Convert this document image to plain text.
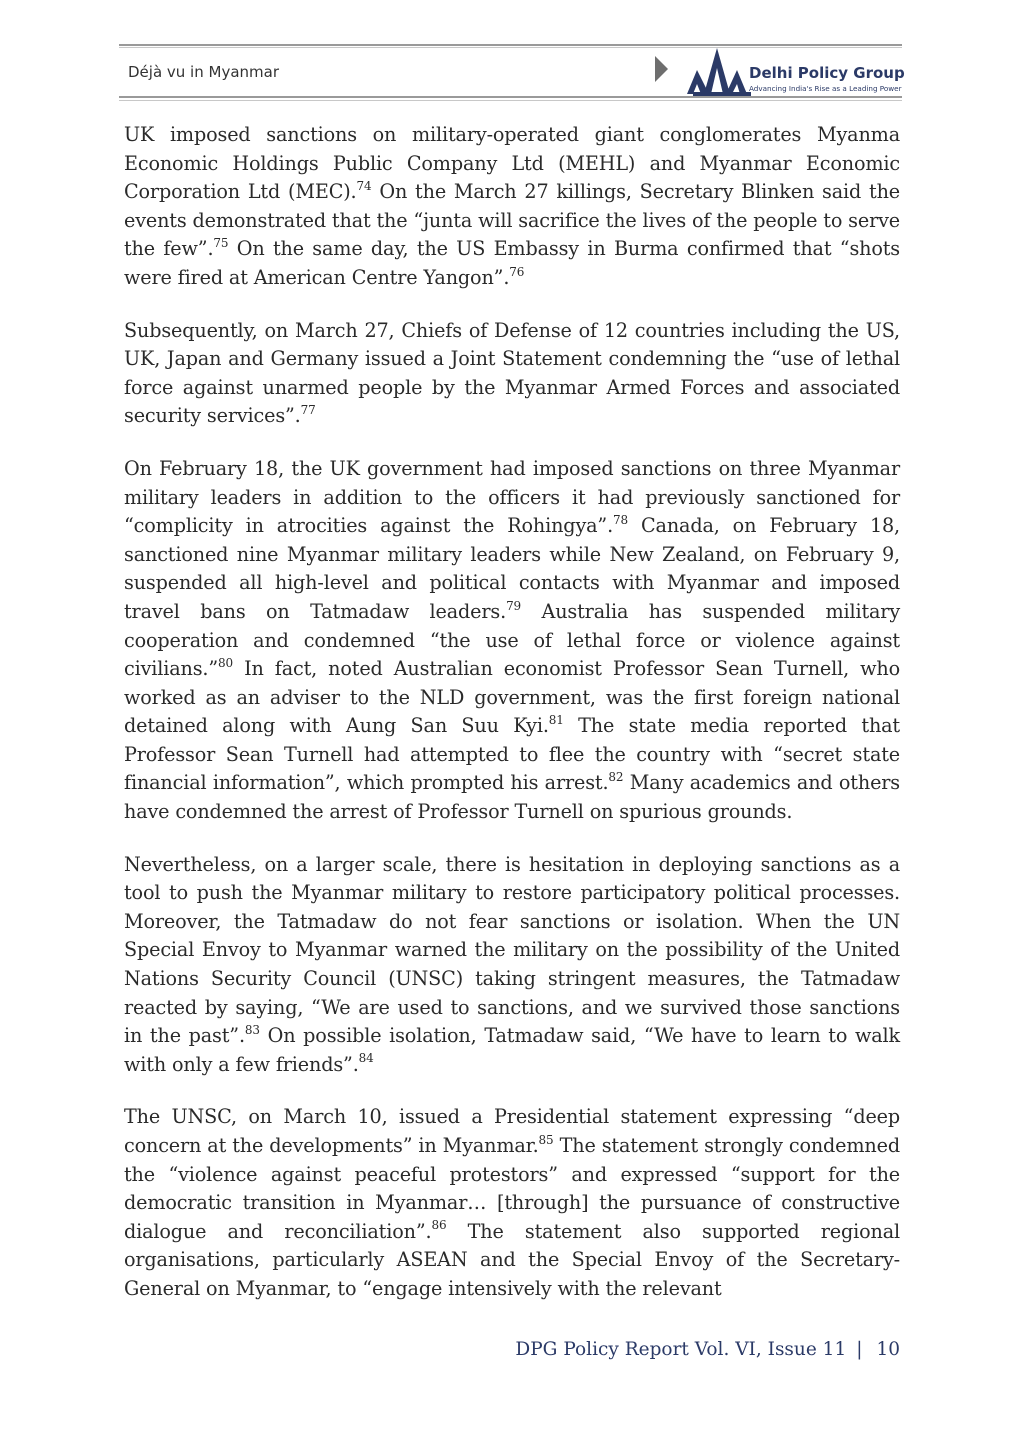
Déjà vu in Myanmar	Delhi Policy Group
Advancing India's Rise as a Leading Power

UK imposed sanctions on military-operated giant conglomerates Myanma Economic Holdings Public Company Ltd (MEHL) and Myanmar Economic Corporation Ltd (MEC).$^{74}$ On the March 27 killings, Secretary Blinken said the events demonstrated that the “junta will sacrifice the lives of the people to serve the few”.$^{75}$ On the same day, the US Embassy in Burma confirmed that “shots were fired at American Centre Yangon”.$^{76}$

Subsequently, on March 27, Chiefs of Defense of 12 countries including the US, UK, Japan and Germany issued a Joint Statement condemning the “use of lethal force against unarmed people by the Myanmar Armed Forces and associated security services”.$^{77}$

On February 18, the UK government had imposed sanctions on three Myanmar military leaders in addition to the officers it had previously sanctioned for “complicity in atrocities against the Rohingya”.$^{78}$ Canada, on February 18, sanctioned nine Myanmar military leaders while New Zealand, on February 9, suspended all high-level and political contacts with Myanmar and imposed travel bans on Tatmadaw leaders.$^{79}$ Australia has suspended military cooperation and condemned “the use of lethal force or violence against civilians.”$^{80}$ In fact, noted Australian economist Professor Sean Turnell, who worked as an adviser to the NLD government, was the first foreign national detained along with Aung San Suu Kyi.$^{81}$ The state media reported that Professor Sean Turnell had attempted to flee the country with “secret state financial information”, which prompted his arrest.$^{82}$ Many academics and others have condemned the arrest of Professor Turnell on spurious grounds.

Nevertheless, on a larger scale, there is hesitation in deploying sanctions as a tool to push the Myanmar military to restore participatory political processes. Moreover, the Tatmadaw do not fear sanctions or isolation. When the UN Special Envoy to Myanmar warned the military on the possibility of the United Nations Security Council (UNSC) taking stringent measures, the Tatmadaw reacted by saying, “We are used to sanctions, and we survived those sanctions in the past”.$^{83}$ On possible isolation, Tatmadaw said, “We have to learn to walk with only a few friends”.$^{84}$

The UNSC, on March 10, issued a Presidential statement expressing “deep concern at the developments” in Myanmar.$^{85}$ The statement strongly condemned the “violence against peaceful protestors” and expressed “support for the democratic transition in Myanmar… [through] the pursuance of constructive dialogue and reconciliation”.$^{86}$ The statement also supported regional organisations, particularly ASEAN and the Special Envoy of the Secretary-General on Myanmar, to “engage intensively with the relevant

DPG Policy Report Vol. VI, Issue 11 | 10
